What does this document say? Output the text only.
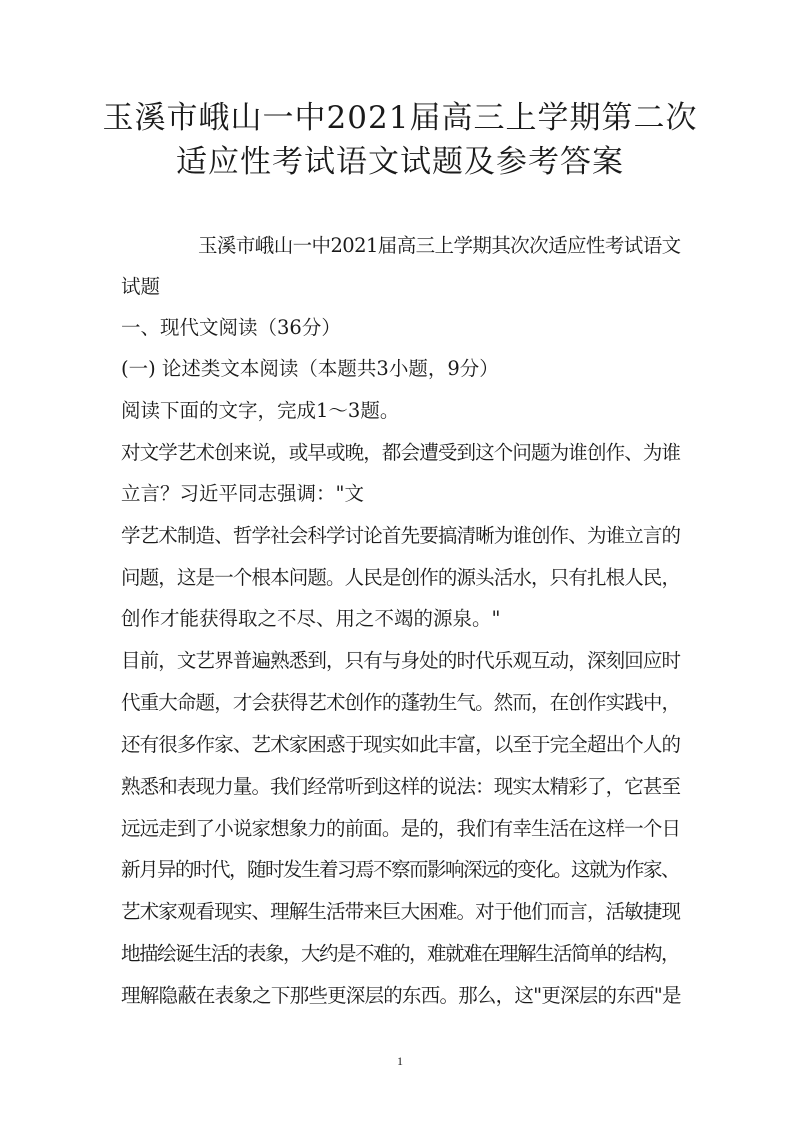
玉溪市峨山一中2021届高三上学期第二次
适应性考试语文试题及参考答案
玉溪市峨山一中2021届高三上学期其次次适应性考试语文
试题
一、现代文阅读（36分）
(一) 论述类文本阅读（本题共3小题，9分）
阅读下面的文字，完成1～3题。
对文学艺术创来说，或早或晚，都会遭受到这个问题为谁创作、为谁
立言？习近平同志强调："文
学艺术制造、哲学社会科学讨论首先要搞清晰为谁创作、为谁立言的
问题，这是一个根本问题。人民是创作的源头活水，只有扎根人民，
创作才能获得取之不尽、用之不竭的源泉。"
目前，文艺界普遍熟悉到，只有与身处的时代乐观互动，深刻回应时
代重大命题，才会获得艺术创作的蓬勃生气。然而，在创作实践中，
还有很多作家、艺术家困惑于现实如此丰富，以至于完全超出个人的
熟悉和表现力量。我们经常听到这样的说法：现实太精彩了，它甚至
远远走到了小说家想象力的前面。是的，我们有幸生活在这样一个日
新月异的时代，随时发生着习焉不察而影响深远的变化。这就为作家、
艺术家观看现实、理解生活带来巨大困难。对于他们而言，活敏捷现
地描绘诞生活的表象，大约是不难的，难就难在理解生活简单的结构，
理解隐蔽在表象之下那些更深层的东西。那么，这"更深层的东西"是
1
